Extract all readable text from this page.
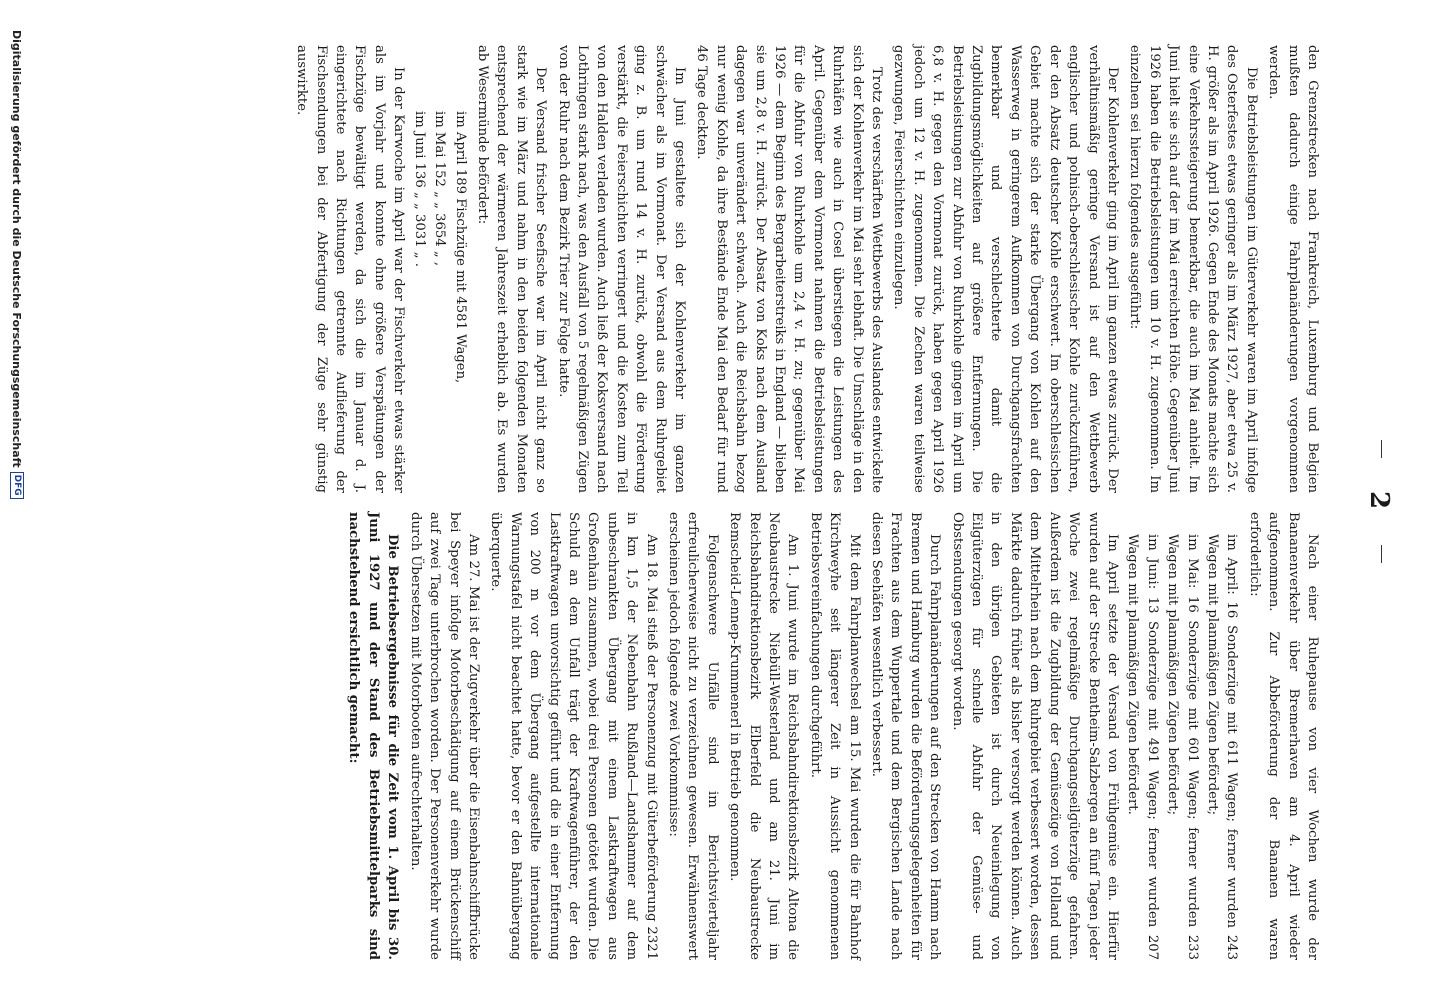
2

den Grenzstrecken nach Frankreich, Luxemburg und Belgien mußten dadurch einige Fahrplanänderungen vorgenommen werden.

Die Betriebsleistungen im Güterverkehr waren im April infolge des Osterfestes etwas geringer als im März 1927, aber etwa 25 v. H. größer als im April 1926. Gegen Ende des Monats machte sich eine Verkehrssteigerung bemerkbar, die auch im Mai anhielt. Im Juni hielt sie sich auf der im Mai erreichten Höhe. Gegenüber Juni 1926 haben die Betriebsleistungen um 10 v. H. zugenommen. Im einzelnen sei hierzu folgendes ausgeführt:

Der Kohlenverkehr ging im April im ganzen etwas zurück. Der verhältnismäßig geringe Versand ist auf den Wettbewerb englischer und polnisch-oberschlesischer Kohle zurückzuführen, der den Absatz deutscher Kohle erschwert. Im oberschlesischen Gebiet machte sich der starke Übergang von Kohlen auf den Wasserweg in geringerem Aufkommen von Durchgangsfrachten bemerkbar und verschlechterte damit die Zugbildungsmöglichkeiten auf größere Entfernungen. Die Betriebsleistungen zur Abfuhr von Ruhrkohle gingen im April um 6,8 v. H. gegen den Vormonat zurück, haben gegen April 1926 jedoch um 12 v. H. zugenommen. Die Zechen waren teilweise gezwungen, Feierschichten einzulegen.

Trotz des verschärften Wettbewerbs des Auslandes entwickelte sich der Kohlenverkehr im Mai sehr lebhaft. Die Umschläge in den Ruhrhäfen wie auch in Cosel überstiegen die Leistungen des April. Gegenüber dem Vormonat nahmen die Betriebsleistungen für die Abfuhr von Ruhrkohle um 2,4 v. H. zu; gegenüber Mai 1926 — dem Beginn des Bergarbeiterstreiks in England — blieben sie um 2,8 v. H. zurück. Der Absatz von Koks nach dem Ausland dagegen war unverändert schwach. Auch die Reichsbahn bezog nur wenig Kohle, da ihre Bestände Ende Mai den Bedarf für rund 46 Tage deckten.

Im Juni gestaltete sich der Kohlenverkehr im ganzen schwächer als im Vormonat. Der Versand aus dem Ruhrgebiet ging z. B. um rund 14 v. H. zurück, obwohl die Förderung verstärkt, die Feierschichten verringert und die Kosten zum Teil von den Halden verladen wurden. Auch ließ der Koksversand nach Lothringen stark nach, was den Ausfall von 5 regelmäßigen Zügen von der Ruhr nach dem Bezirk Trier zur Folge hatte.

Der Versand frischer Seefische war im April nicht ganz so stark wie im März und nahm in den beiden folgenden Monaten entsprechend der wärmeren Jahreszeit erheblich ab. Es wurden ab Wesermünde befördert:

im April 189 Fischzüge mit 4581 Wagen,

im Mai 152 „ „ 3654 „ ,

im Juni 136 „ „ 3031 „ .

In der Karwoche im April war der Fischverkehr etwas stärker als im Vorjahr und konnte ohne größere Verspätungen der Fischzüge bewältigt werden, da sich die im Januar d. J. eingerichtete nach Richtungen getrennte Auflieferung der Fischsendungen bei der Abfertigung der Züge sehr günstig auswirkte.

Nach einer Ruhepause von vier Wochen wurde der Bananenverkehr über Bremerhaven am 4. April wieder aufgenommen. Zur Abbeförderung der Bananen waren erforderlich:

im April: 16 Sonderzüge mit 611 Wagen; ferner wurden 243 Wagen mit planmäßigen Zügen befördert;

im Mai: 16 Sonderzüge mit 601 Wagen; ferner wurden 233 Wagen mit planmäßigen Zügen befördert;

im Juni: 13 Sonderzüge mit 491 Wagen; ferner wurden 207 Wagen mit planmäßigen Zügen befördert.

Im April setzte der Versand von Frühgemüse ein. Hierfür wurden auf der Strecke Bentheim-Salzbergen an fünf Tagen jeder Woche zwei regelmäßige Durchgangseilgüterzüge gefahren. Außerdem ist die Zugbildung der Gemüsezüge von Holland und dem Mittelrhein nach dem Ruhrgebiet verbessert worden, dessen Märkte dadurch früher als bisher versorgt werden können. Auch in den übrigen Gebieten ist durch Neueinlegung von Eilgüterzügen für schnelle Abfuhr der Gemüse- und Obstsendungen gesorgt worden.

Durch Fahrplanänderungen auf den Strecken von Hamm nach Bremen und Hamburg wurden die Beförderungsgelegenheiten für Frachten aus dem Wuppertale und dem Bergischen Lande nach diesen Seehäfen wesentlich verbessert.

Mit dem Fahrplanwechsel am 15. Mai wurden die für Bahnhof Kirchweyhe seit längerer Zeit in Aussicht genommenen Betriebsvereinfachungen durchgeführt.

Am 1. Juni wurde im Reichsbahndirektionsbezirk Altona die Neubaustrecke Niebüll-Westerland und am 21. Juni im Reichsbahndirektionsbezirk Elberfeld die Neubaustrecke Remscheid-Lennep-Krummenerl in Betrieb genommen.

Folgenschwere Unfälle sind im Berichtsvierteljahr erfreulicherweise nicht zu verzeichnen gewesen. Erwähnenswert erscheinen jedoch folgende zwei Vorkommnisse:

Am 18. Mai stieß der Personenzug mit Güterbeförderung 2321 in km 1,5 der Nebenbahn Rußland—Landshammer auf dem unbeschrankten Übergang mit einem Lastkraftwagen aus Großenhain zusammen, wobei drei Personen getötet wurden. Die Schuld an dem Unfall trägt der Kraftwagenführer, der den Lastkraftwagen unvorsichtig geführt und die in einer Entfernung von 200 m vor dem Übergang aufgestellte internationale Warnungstafel nicht beachtet hatte, bevor er den Bahnübergang überquerte.

Am 27. Mai ist der Zugverkehr über die Eisenbahnschiffbrücke bei Speyer infolge Motorbeschädigung auf einem Brückenschiff auf zwei Tage unterbrochen worden. Der Personenverkehr wurde durch Übersetzen mit Motorbooten aufrechterhalten.

Die Betriebsergebnisse für die Zeit vom 1. April bis 30. Juni 1927 und der Stand des Betriebsmittelparks sind nachstehend ersichtlich gemacht:

Digitalisierung gefördert durch die Deutsche Forschungsgemeinschaft
DFG
